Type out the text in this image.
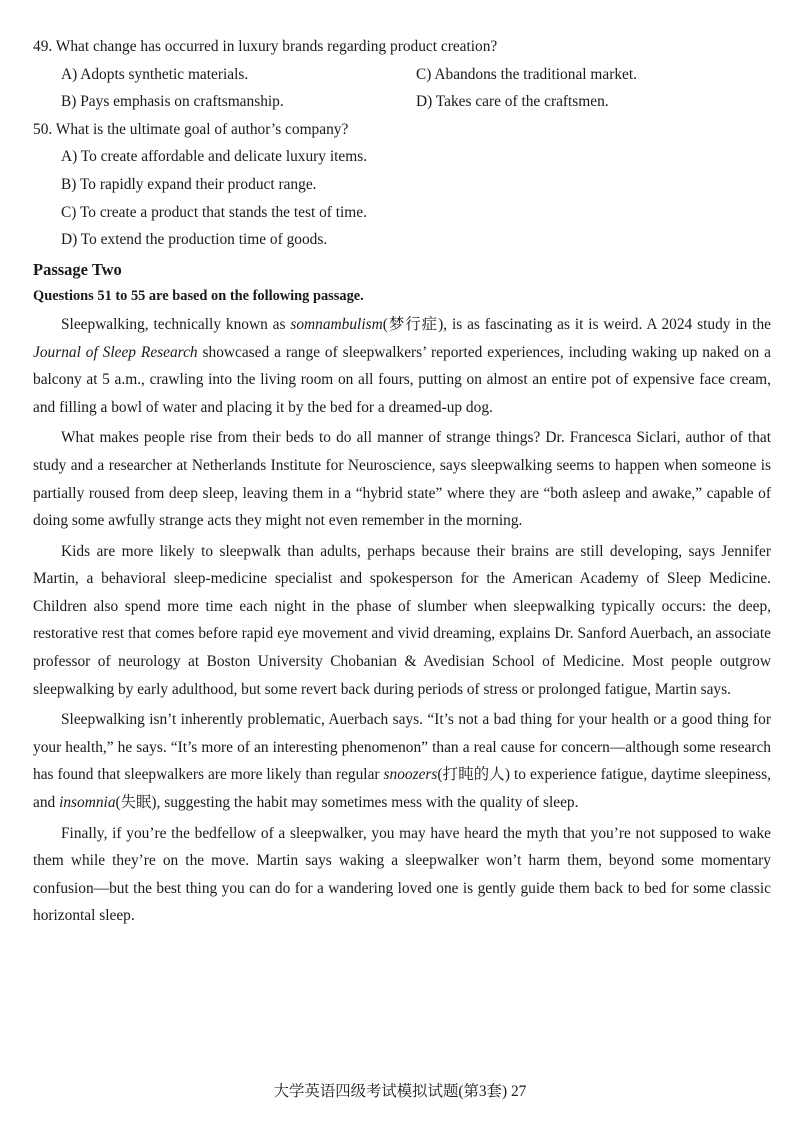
49. What change has occurred in luxury brands regarding product creation?

A) Adopts synthetic materials.	C) Abandons the traditional market.
B) Pays emphasis on craftsmanship.	D) Takes care of the craftsmen.

50. What is the ultimate goal of author’s company?

A) To create affordable and delicate luxury items.

B) To rapidly expand their product range.

C) To create a product that stands the test of time.

D) To extend the production time of goods.

Passage Two
Questions 51 to 55 are based on the following passage.

Sleepwalking, technically known as somnambulism(梦行症), is as fascinating as it is weird. A 2024 study in the Journal of Sleep Research showcased a range of sleepwalkers’ reported experiences, including waking up naked on a balcony at 5 a.m., crawling into the living room on all fours, putting on almost an entire pot of expensive face cream, and filling a bowl of water and placing it by the bed for a dreamed-up dog.

What makes people rise from their beds to do all manner of strange things? Dr. Francesca Siclari, author of that study and a researcher at Netherlands Institute for Neuroscience, says sleepwalking seems to happen when someone is partially roused from deep sleep, leaving them in a “hybrid state” where they are “both asleep and awake,” capable of doing some awfully strange acts they might not even remember in the morning.

Kids are more likely to sleepwalk than adults, perhaps because their brains are still developing, says Jennifer Martin, a behavioral sleep-medicine specialist and spokesperson for the American Academy of Sleep Medicine. Children also spend more time each night in the phase of slumber when sleepwalking typically occurs: the deep, restorative rest that comes before rapid eye movement and vivid dreaming, explains Dr. Sanford Auerbach, an associate professor of neurology at Boston University Chobanian & Avedisian School of Medicine. Most people outgrow sleepwalking by early adulthood, but some revert back during periods of stress or prolonged fatigue, Martin says.

Sleepwalking isn’t inherently problematic, Auerbach says. “It’s not a bad thing for your health or a good thing for your health,” he says. “It’s more of an interesting phenomenon” than a real cause for concern—although some research has found that sleepwalkers are more likely than regular snoozers(打盹的人) to experience fatigue, daytime sleepiness, and insomnia(失眠), suggesting the habit may sometimes mess with the quality of sleep.

Finally, if you’re the bedfellow of a sleepwalker, you may have heard the myth that you’re not supposed to wake them while they’re on the move. Martin says waking a sleepwalker won’t harm them, beyond some momentary confusion—but the best thing you can do for a wandering loved one is gently guide them back to bed for some classic horizontal sleep.

大学英语四级考试模拟试题(第3套) 27
